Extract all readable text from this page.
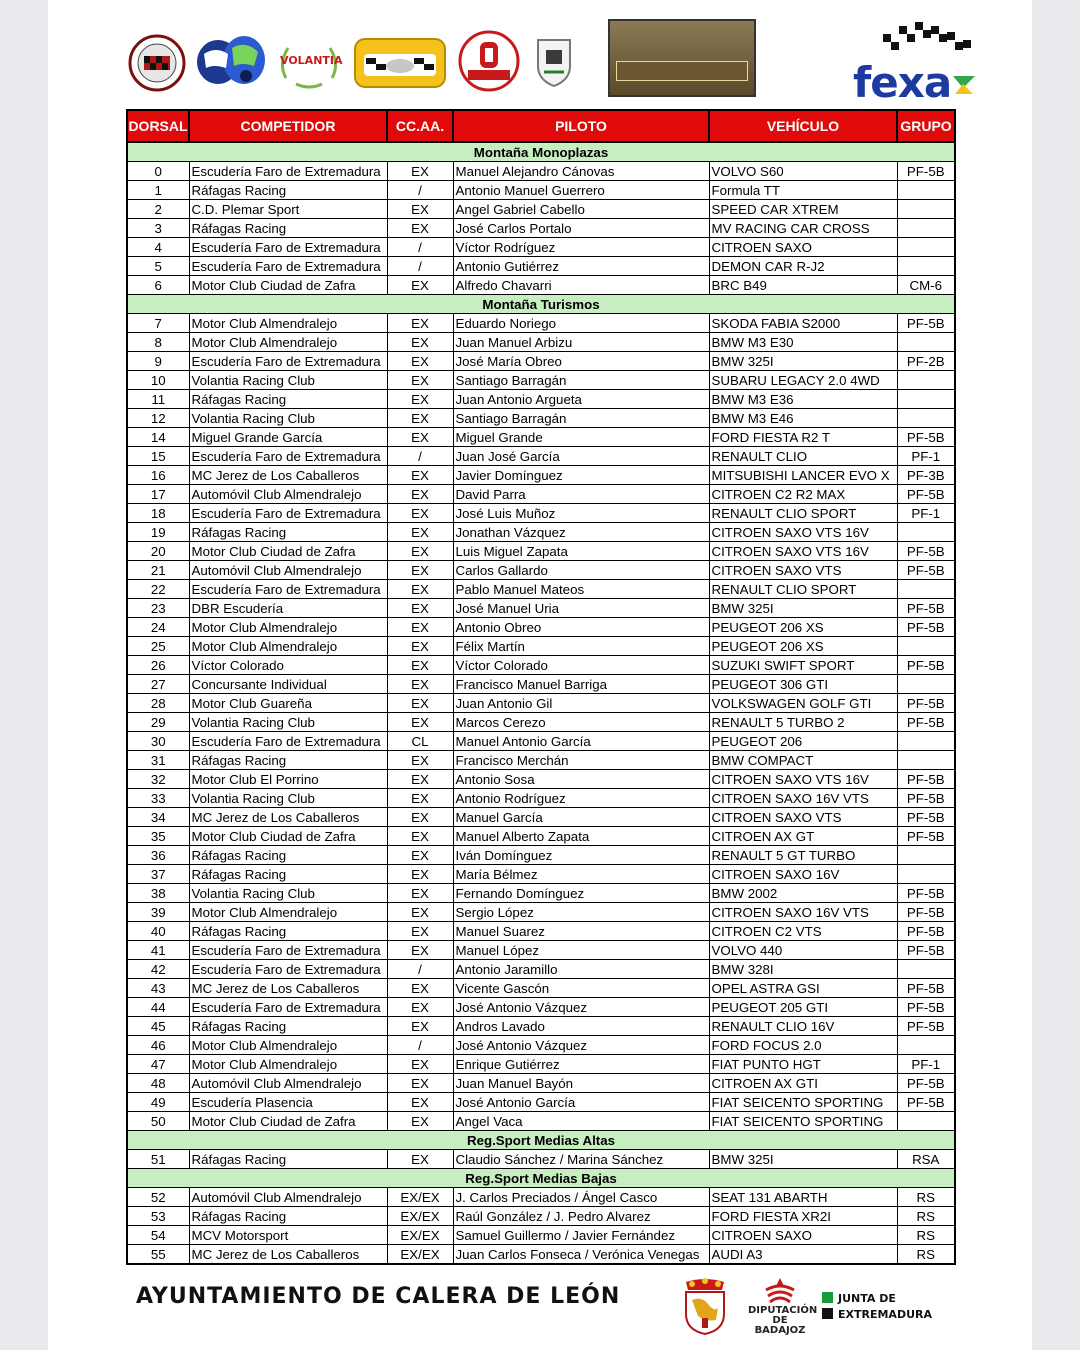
VOLANTIA	fexa
DORSAL	COMPETIDOR	CC.AA.	PILOTO	VEHÍCULO	GRUPO
Montaña Monoplazas					
0	Escudería Faro de Extremadura	EX	Manuel Alejandro Cánovas	VOLVO S60	PF-5B
1	Ráfagas Racing	/	Antonio Manuel Guerrero	Formula TT	
2	C.D. Plemar Sport	EX	Angel Gabriel Cabello	SPEED CAR XTREM	
3	Ráfagas Racing	EX	José Carlos Portalo	MV RACING CAR CROSS	
4	Escudería Faro de Extremadura	/	Víctor Rodríguez	CITROEN SAXO	
5	Escudería Faro de Extremadura	/	Antonio Gutiérrez	DEMON CAR R-J2	
6	Motor Club Ciudad de Zafra	EX	Alfredo Chavarri	BRC B49	CM-6
Montaña Turismos					
7	Motor Club Almendralejo	EX	Eduardo Noriego	SKODA FABIA S2000	PF-5B
8	Motor Club Almendralejo	EX	Juan Manuel Arbizu	BMW M3 E30	
9	Escudería Faro de Extremadura	EX	José María Obreo	BMW 325I	PF-2B
10	Volantia Racing Club	EX	Santiago Barragán	SUBARU LEGACY 2.0 4WD	
11	Ráfagas Racing	EX	Juan Antonio Argueta	BMW M3 E36	
12	Volantia Racing Club	EX	Santiago Barragán	BMW M3 E46	
14	Miguel Grande García	EX	Miguel Grande	FORD FIESTA R2 T	PF-5B
15	Escudería Faro de Extremadura	/	Juan José García	RENAULT CLIO	PF-1
16	MC Jerez de Los Caballeros	EX	Javier Domínguez	MITSUBISHI LANCER EVO X	PF-3B
17	Automóvil Club Almendralejo	EX	David Parra	CITROEN C2 R2 MAX	PF-5B
18	Escudería Faro de Extremadura	EX	José Luis Muñoz	RENAULT CLIO SPORT	PF-1
19	Ráfagas Racing	EX	Jonathan Vázquez	CITROEN SAXO VTS 16V	
20	Motor Club Ciudad de Zafra	EX	Luis Miguel Zapata	CITROEN SAXO VTS 16V	PF-5B
21	Automóvil Club Almendralejo	EX	Carlos Gallardo	CITROEN SAXO VTS	PF-5B
22	Escudería Faro de Extremadura	EX	Pablo Manuel Mateos	RENAULT CLIO SPORT	
23	DBR Escudería	EX	José Manuel Uria	BMW 325I	PF-5B
24	Motor Club Almendralejo	EX	Antonio Obreo	PEUGEOT 206 XS	PF-5B
25	Motor Club Almendralejo	EX	Félix Martín	PEUGEOT 206 XS	
26	Víctor Colorado	EX	Víctor Colorado	SUZUKI SWIFT SPORT	PF-5B
27	Concursante Individual	EX	Francisco Manuel Barriga	PEUGEOT 306 GTI	
28	Motor Club Guareña	EX	Juan Antonio Gil	VOLKSWAGEN GOLF GTI	PF-5B
29	Volantia Racing Club	EX	Marcos Cerezo	RENAULT 5 TURBO 2	PF-5B
30	Escudería Faro de Extremadura	CL	Manuel Antonio García	PEUGEOT 206	
31	Ráfagas Racing	EX	Francisco Merchán	BMW COMPACT	
32	Motor Club El Porrino	EX	Antonio Sosa	CITROEN SAXO VTS 16V	PF-5B
33	Volantia Racing Club	EX	Antonio Rodríguez	CITROEN SAXO 16V VTS	PF-5B
34	MC Jerez de Los Caballeros	EX	Manuel García	CITROEN SAXO VTS	PF-5B
35	Motor Club Ciudad de Zafra	EX	Manuel Alberto Zapata	CITROEN AX GT	PF-5B
36	Ráfagas Racing	EX	Iván Domínguez	RENAULT 5 GT TURBO	
37	Ráfagas Racing	EX	María Bélmez	CITROEN SAXO 16V	
38	Volantia Racing Club	EX	Fernando Domínguez	BMW 2002	PF-5B
39	Motor Club Almendralejo	EX	Sergio López	CITROEN SAXO 16V VTS	PF-5B
40	Ráfagas Racing	EX	Manuel Suarez	CITROEN C2 VTS	PF-5B
41	Escudería Faro de Extremadura	EX	Manuel López	VOLVO 440	PF-5B
42	Escudería Faro de Extremadura	/	Antonio Jaramillo	BMW 328I	
43	MC Jerez de Los Caballeros	EX	Vicente Gascón	OPEL ASTRA GSI	PF-5B
44	Escudería Faro de Extremadura	EX	José Antonio Vázquez	PEUGEOT 205 GTI	PF-5B
45	Ráfagas Racing	EX	Andros Lavado	RENAULT CLIO 16V	PF-5B
46	Motor Club Almendralejo	/	José Antonio Vázquez	FORD FOCUS 2.0	
47	Motor Club Almendralejo	EX	Enrique Gutiérrez	FIAT PUNTO HGT	PF-1
48	Automóvil Club Almendralejo	EX	Juan Manuel Bayón	CITROEN AX GTI	PF-5B
49	Escudería Plasencia	EX	José Antonio García	FIAT SEICENTO SPORTING	PF-5B
50	Motor Club Ciudad de Zafra	EX	Angel Vaca	FIAT SEICENTO SPORTING	
Reg.Sport Medias Altas					
51	Ráfagas Racing	EX	Claudio Sánchez / Marina Sánchez	BMW 325I	RSA
Reg.Sport Medias Bajas					
52	Automóvil Club Almendralejo	EX/EX	J. Carlos Preciados / Ángel Casco	SEAT 131 ABARTH	RS
53	Ráfagas Racing	EX/EX	Raúl González / J. Pedro Alvarez	FORD FIESTA XR2I	RS
54	MCV Motorsport	EX/EX	Samuel Guillermo / Javier Fernández	CITROEN SAXO	RS
55	MC Jerez de Los Caballeros	EX/EX	Juan Carlos Fonseca / Verónica Venegas	AUDI A3	RS
AYUNTAMIENTO DE CALERA DE LEÓN
DIPUTACIÓN
DE BADAJOZ
JUNTA DE
EXTREMADURA
